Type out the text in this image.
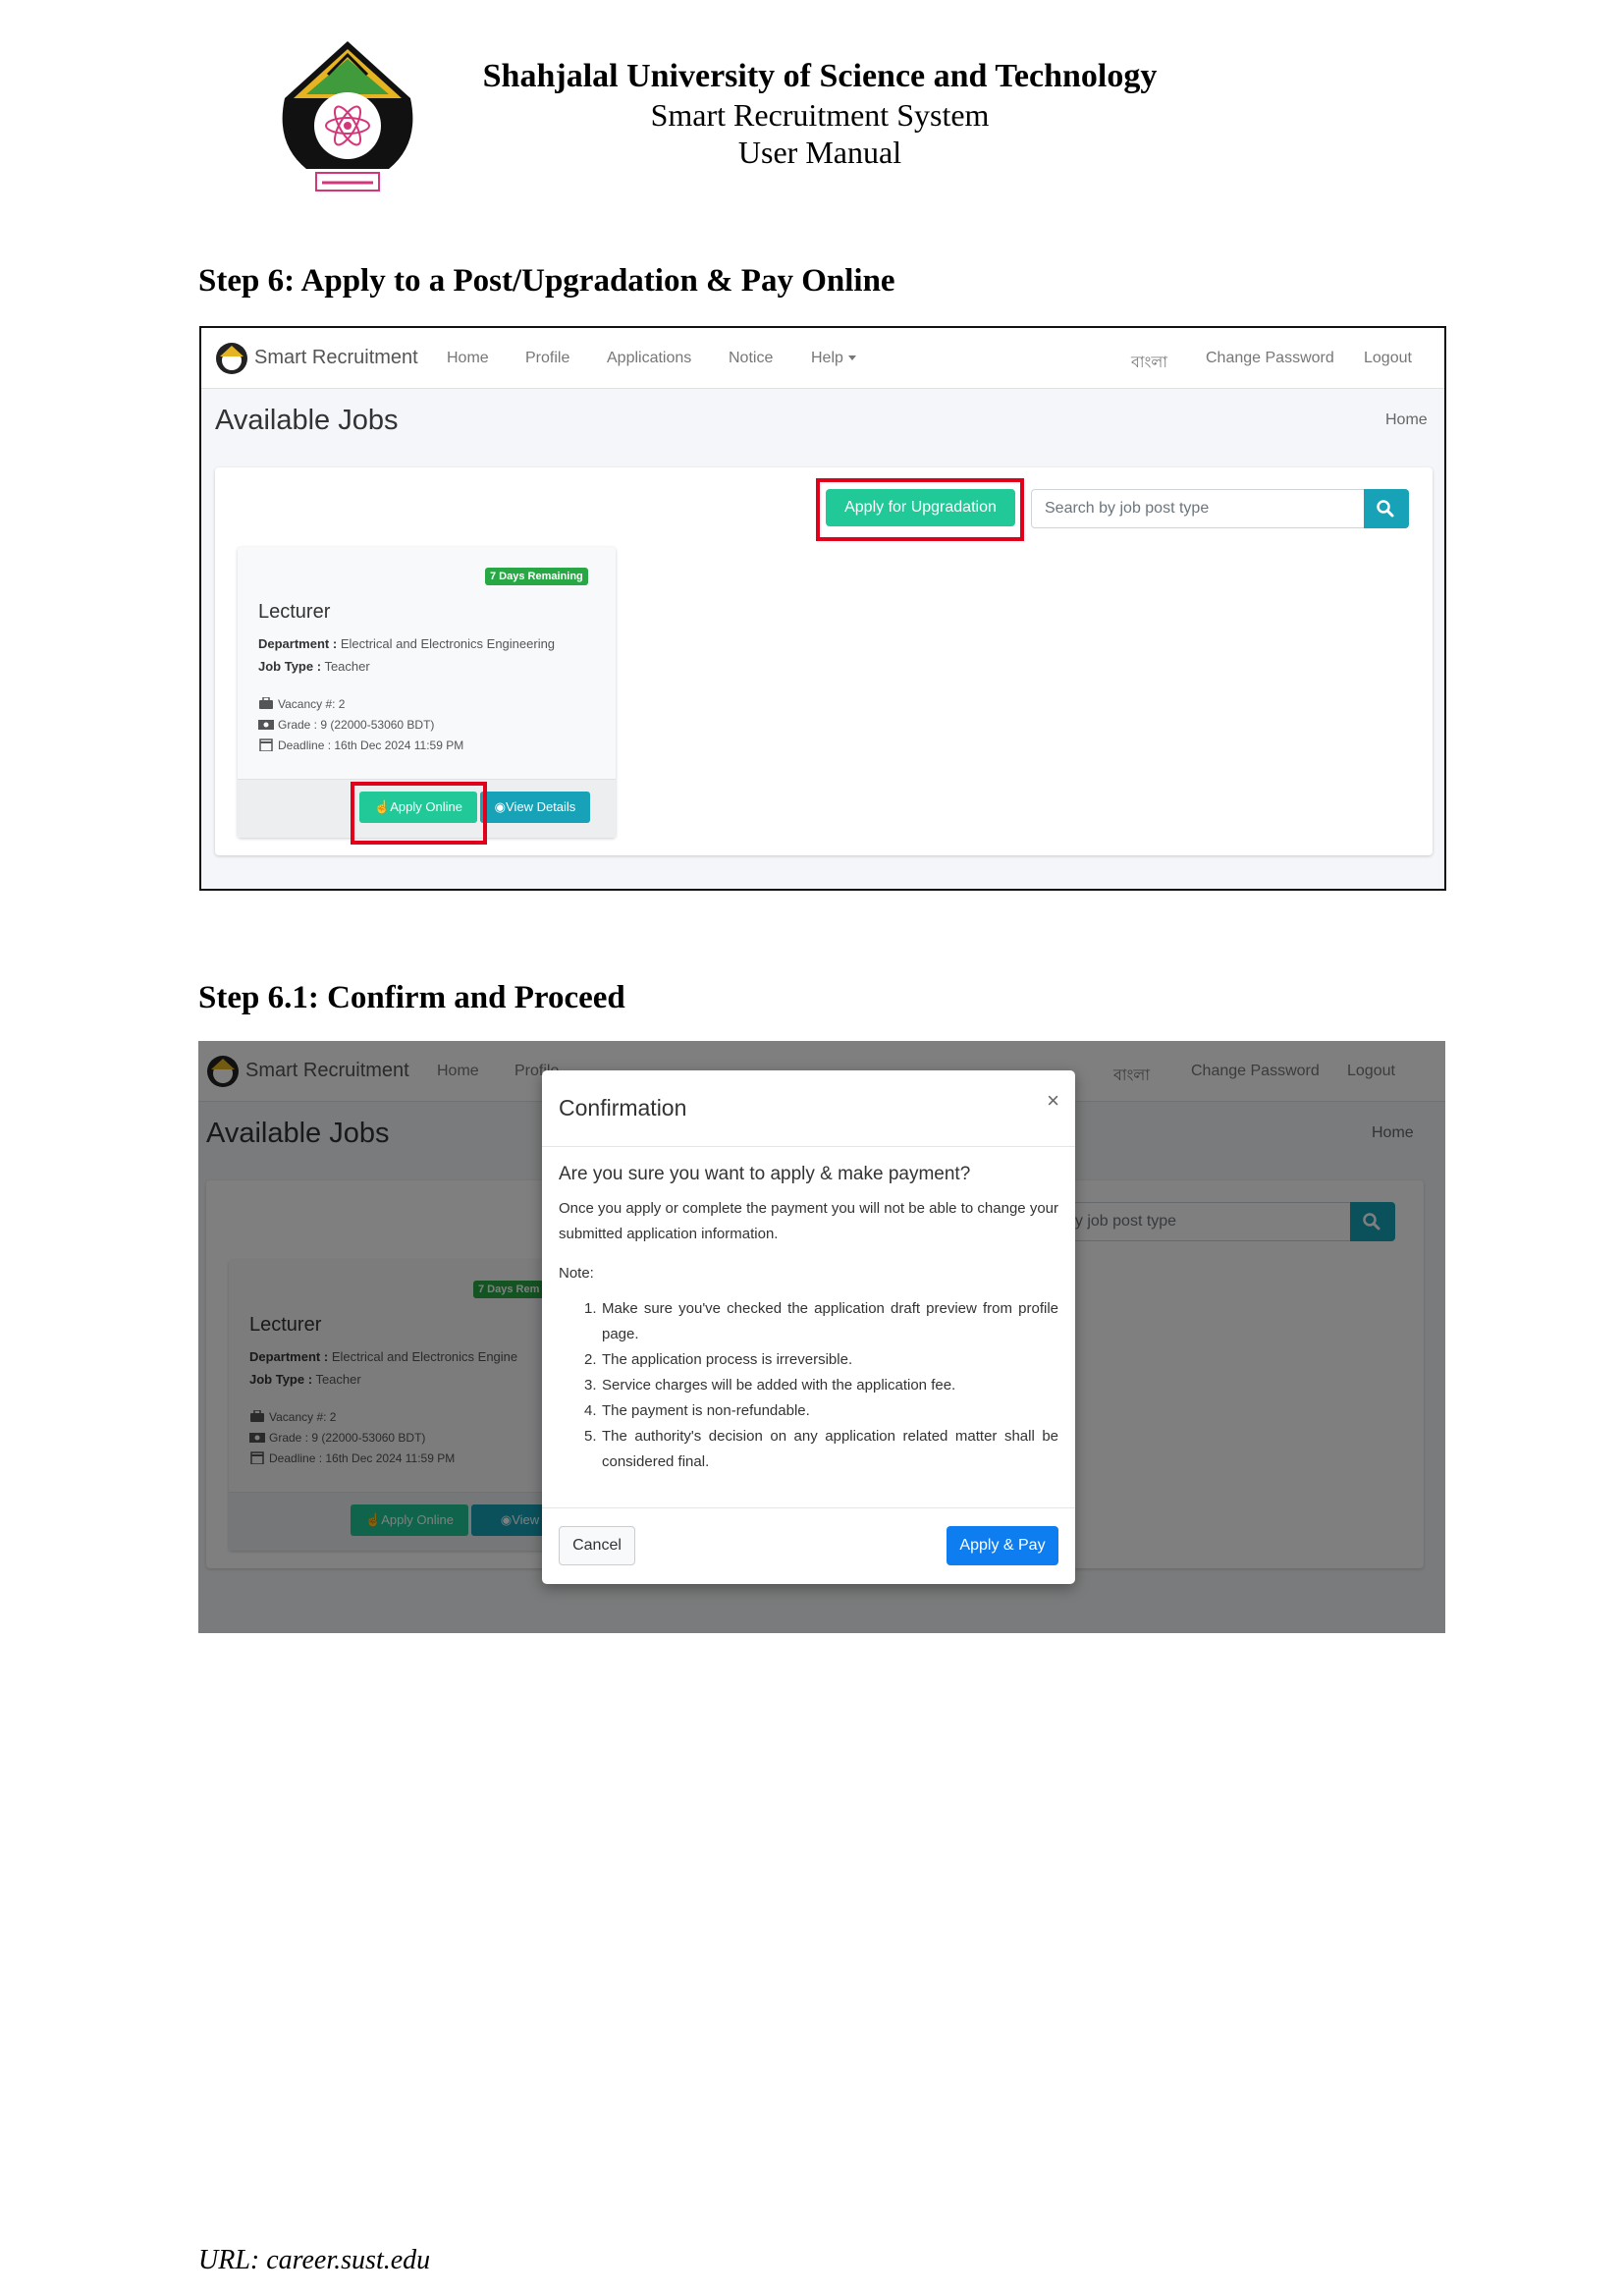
Shahjalal University of Science and Technology
Smart Recruitment System
User Manual
Step 6: Apply to a Post/Upgradation & Pay Online
Smart Recruitment Home Profile Applications Notice Help	বাংলা Change Password Logout
Available Jobs	Home
Apply for Upgradation	Search by job post type
7 Days Remaining
Lecturer
Department : Electrical and Electronics Engineering
Job Type : Teacher
Vacancy #: 2
Grade : 9 (22000-53060 BDT)
Deadline : 16th Dec 2024 11:59 PM
☝Apply Online	◉View Details
Step 6.1: Confirm and Proceed
Confirmation	×
Are you sure you want to apply & make payment?
Once you apply or complete the payment you will not be able to change your submitted application information.
Note:
1. Make sure you've checked the application draft preview from profile page.
2. The application process is irreversible.
3. Service charges will be added with the application fee.
4. The payment is non-refundable.
5. The authority's decision on any application related matter shall be considered final.
Cancel	Apply & Pay
URL: career.sust.edu
